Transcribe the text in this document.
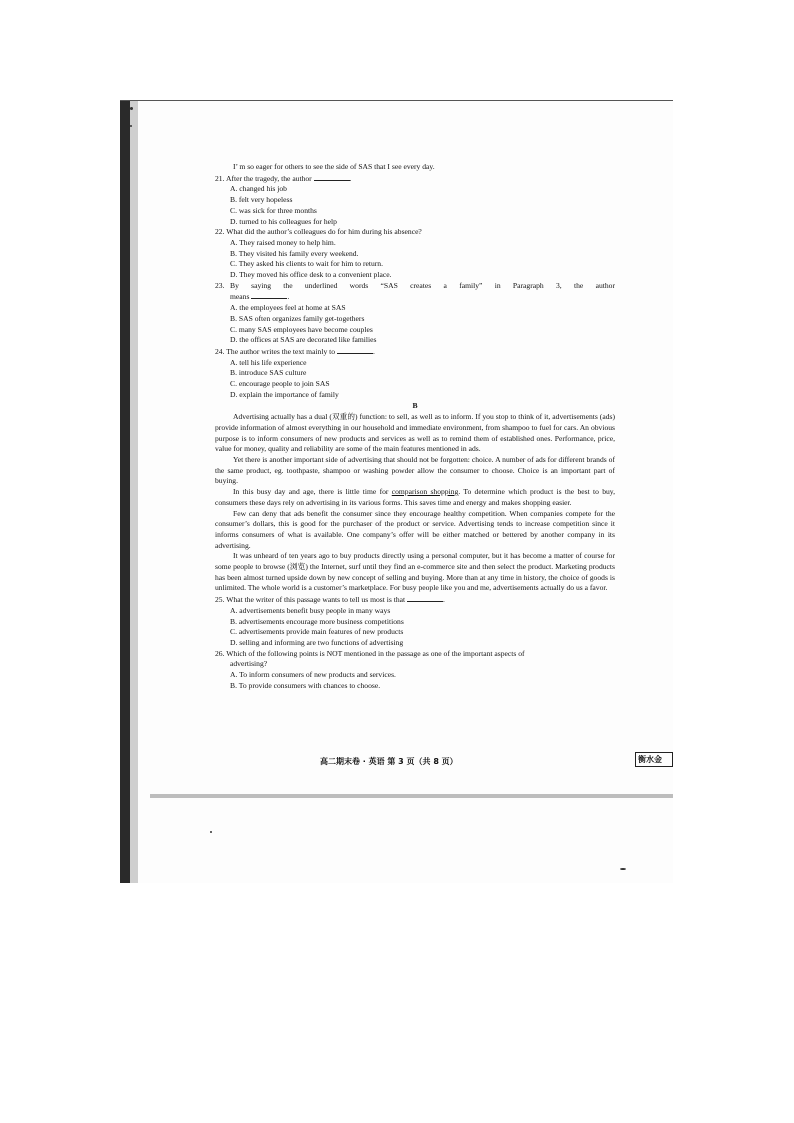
I’ m so eager for others to see the side of SAS that I see every day.
21. After the tragedy, the author	.
A. changed his job
B. felt very hopeless
C. was sick for three months
D. turned to his colleagues for help
22. What did the author’s colleagues do for him during his absence?
A. They raised money to help him.
B. They visited his family every weekend.
C. They asked his clients to wait for him to return.
D. They moved his office desk to a convenient place.
23. By saying the underlined words “SAS creates a family” in Paragraph 3, the author
means	.
A. the employees feel at home at SAS
B. SAS often organizes family get-togethers
C. many SAS employees have become couples
D. the offices at SAS are decorated like families
24. The author writes the text mainly to	.
A. tell his life experience
B. introduce SAS culture
C. encourage people to join SAS
D. explain the importance of family
B
Advertising actually has a dual (双重的) function: to sell, as well as to inform. If you stop to think of it, advertisements (ads) provide information of almost everything in our household and immediate environment, from shampoo to fuel for cars. An obvious purpose is to inform consumers of new products and services as well as to remind them of established ones. Performance, price, value for money, quality and reliability are some of the main features mentioned in ads.
Yet there is another important side of advertising that should not be forgotten: choice. A number of ads for different brands of the same product, eg. toothpaste, shampoo or washing powder allow the consumer to choose. Choice is an important part of buying.
In this busy day and age, there is little time for comparison shopping. To determine which product is the best to buy, consumers these days rely on advertising in its various forms. This saves time and energy and makes shopping easier.
Few can deny that ads benefit the consumer since they encourage healthy competition. When companies compete for the consumer’s dollars, this is good for the purchaser of the product or service. Advertising tends to increase competition since it informs consumers of what is available. One company’s offer will be either matched or bettered by another company in its advertising.
It was unheard of ten years ago to buy products directly using a personal computer, but it has become a matter of course for some people to browse (浏览) the Internet, surf until they find an e-commerce site and then select the product. Marketing products has been almost turned upside down by new concept of selling and buying. More than at any time in history, the choice of goods is unlimited. The whole world is a customer’s marketplace. For busy people like you and me, advertisements actually do us a favor.
25. What the writer of this passage wants to tell us most is that	.
A. advertisements benefit busy people in many ways
B. advertisements encourage more business competitions
C. advertisements provide main features of new products
D. selling and informing are two functions of advertising
26. Which of the following points is NOT mentioned in the passage as one of the important aspects of
advertising?
A. To inform consumers of new products and services.
B. To provide consumers with chances to choose.
高二期末卷 · 英语 第 3 页（共 8 页）	衡水金
